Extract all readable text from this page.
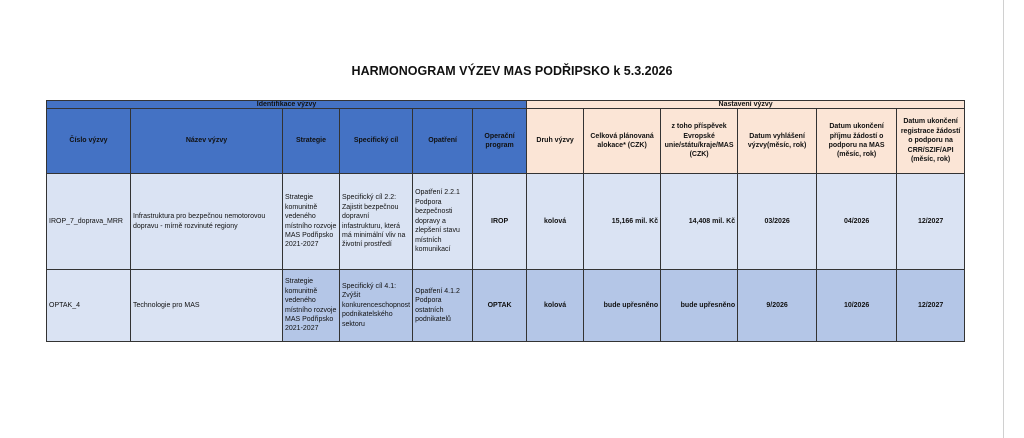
HARMONOGRAM VÝZEV MAS PODŘIPSKO k 5.3.2026
Identifikace výzvy						Nastavení výzvy					
Číslo výzvy	Název výzvy	Strategie	Specifický cíl	Opatření	Operační program	Druh výzvy	Celková plánovaná alokace* (CZK)	z toho příspěvek Evropské unie/státu/kraje/MAS (CZK)	Datum vyhlášení výzvy(měsíc, rok)	Datum ukončení příjmu žádostí o podporu na MAS (měsíc, rok)	Datum ukončení registrace žádostí o podporu na CRR/SZIF/API (měsíc, rok)
IROP_7_doprava_MRR	Infrastruktura pro bezpečnou nemotorovou dopravu - mírně rozvinuté regiony	Strategie komunitně vedeného místního rozvoje MAS Podřipsko 2021-2027	Specifický cíl 2.2: Zajistit bezpečnou dopravní infastrukturu, která má minimální vliv na životní prostředí	Opatření 2.2.1 Podpora bezpečnosti dopravy a zlepšení stavu místních komunikací	IROP	kolová	15,166 mil. Kč	14,408 mil. Kč	03/2026	04/2026	12/2027
OPTAK_4	Technologie pro MAS	Strategie komunitně vedeného místního rozvoje MAS Podřipsko 2021-2027	Specifický cíl 4.1: Zvýšit konkurenceschopnost podnikatelského sektoru	Opatření 4.1.2 Podpora ostatních podnikatelů	OPTAK	kolová	bude upřesněno	bude upřesněno	9/2026	10/2026	12/2027
